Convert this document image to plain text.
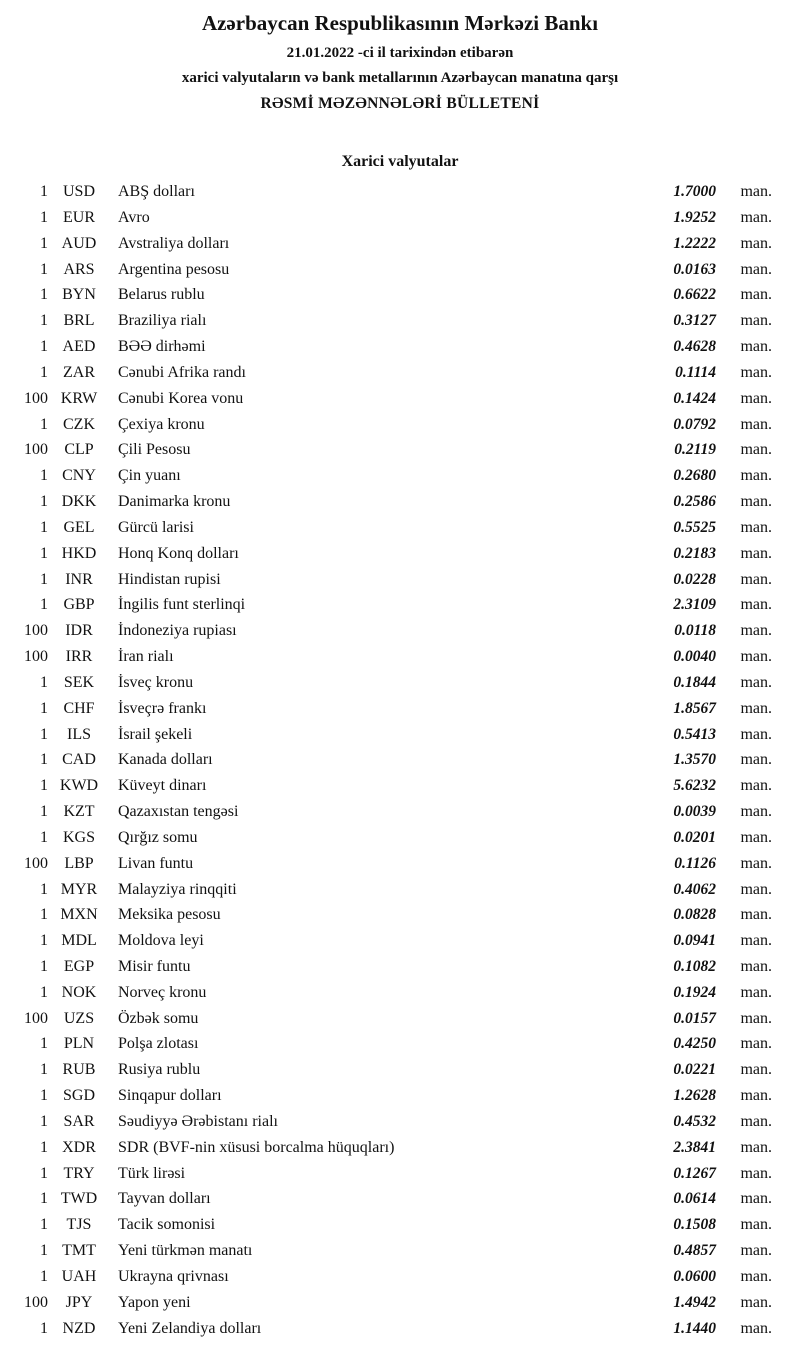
Azərbaycan Respublikasının Mərkəzi Bankı
21.01.2022 -ci il tarixindən etibarən
xarici valyutaların və bank metallarının Azərbaycan manatına qarşı
RƏSMİ MƏZƏNNƏLƏRİ BÜLLETENİ
Xarici valyutalar
1 USD	ABŞ dolları	1.7000	man.
1 EUR	Avro	1.9252	man.
1 AUD	Avstraliya dolları	1.2222	man.
1 ARS	Argentina pesosu	0.0163	man.
1 BYN	Belarus rublu	0.6622	man.
1 BRL	Braziliya rialı	0.3127	man.
1 AED	BƏƏ dirhəmi	0.4628	man.
1 ZAR	Cənubi Afrika randı	0.1114	man.
100 KRW	Cənubi Korea vonu	0.1424	man.
1 CZK	Çexiya kronu	0.0792	man.
100	CLP	Çili Pesosu	0.2119	man.
1 CNY	Çin yuanı	0.2680	man.
1 DKK	Danimarka kronu	0.2586	man.
1 GEL	Gürcü larisi	0.5525	man.
1 HKD	Honq Konq dolları	0.2183	man.
1	INR	Hindistan rupisi	0.0228	man.
1 GBP	İngilis funt sterlinqi	2.3109	man.
100	IDR	İndoneziya rupiası	0.0118	man.
100	IRR	İran rialı	0.0040	man.
1 SEK	İsveç kronu	0.1844	man.
1 CHF	İsveçrə frankı	1.8567	man.
1	ILS	İsrail şekeli	0.5413	man.
1 CAD	Kanada dolları	1.3570	man.
1 KWD	Küveyt dinarı	5.6232	man.
1 KZT	Qazaxıstan tengəsi	0.0039	man.
1 KGS	Qırğız somu	0.0201	man.
100	LBP	Livan funtu	0.1126	man.
1 MYR	Malayziya rinqqiti	0.4062	man.
1 MXN	Meksika pesosu	0.0828	man.
1 MDL	Moldova leyi	0.0941	man.
1 EGP	Misir funtu	0.1082	man.
1 NOK	Norveç kronu	0.1924	man.
100 UZS	Özbək somu	0.0157	man.
1 PLN	Polşa zlotası	0.4250	man.
1 RUB	Rusiya rublu	0.0221	man.
1 SGD	Sinqapur dolları	1.2628	man.
1 SAR	Səudiyyə Ərəbistanı rialı	0.4532	man.
1 XDR	SDR (BVF-nin xüsusi borcalma hüquqları)	2.3841	man.
1 TRY	Türk lirəsi	0.1267	man.
1 TWD	Tayvan dolları	0.0614	man.
1	TJS	Tacik somonisi	0.1508	man.
1 TMT	Yeni türkmən manatı	0.4857	man.
1 UAH	Ukrayna qrivnası	0.0600	man.
100	JPY	Yapon yeni	1.4942	man.
1 NZD	Yeni Zelandiya dolları	1.1440	man.
